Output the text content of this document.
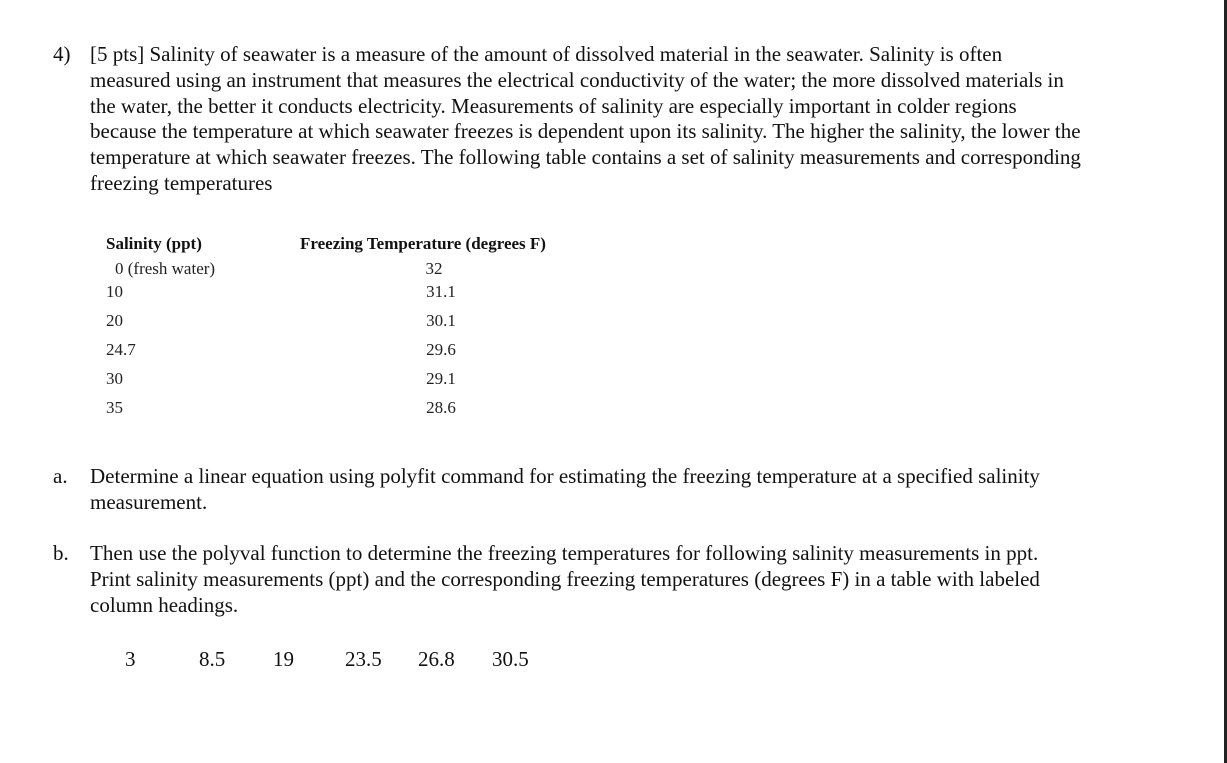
4) [5 pts] Salinity of seawater is a measure of the amount of dissolved material in the seawater. Salinity is often
measured using an instrument that measures the electrical conductivity of the water; the more dissolved materials in
the water, the better it conducts electricity. Measurements of salinity are especially important in colder regions
because the temperature at which seawater freezes is dependent upon its salinity. The higher the salinity, the lower the
temperature at which seawater freezes. The following table contains a set of salinity measurements and corresponding
freezing temperatures
Salinity (ppt)	Freezing Temperature (degrees F)
0 (fresh water)	32
10	31.1
20	30.1
24.7	29.6
30	29.1
35	28.6
a. Determine a linear equation using polyfit command for estimating the freezing temperature at a specified salinity
measurement.
b. Then use the polyval function to determine the freezing temperatures for following salinity measurements in ppt.
Print salinity measurements (ppt) and the corresponding freezing temperatures (degrees F) in a table with labeled
column headings.
3	8.5 19 23.5 26.8 30.5
